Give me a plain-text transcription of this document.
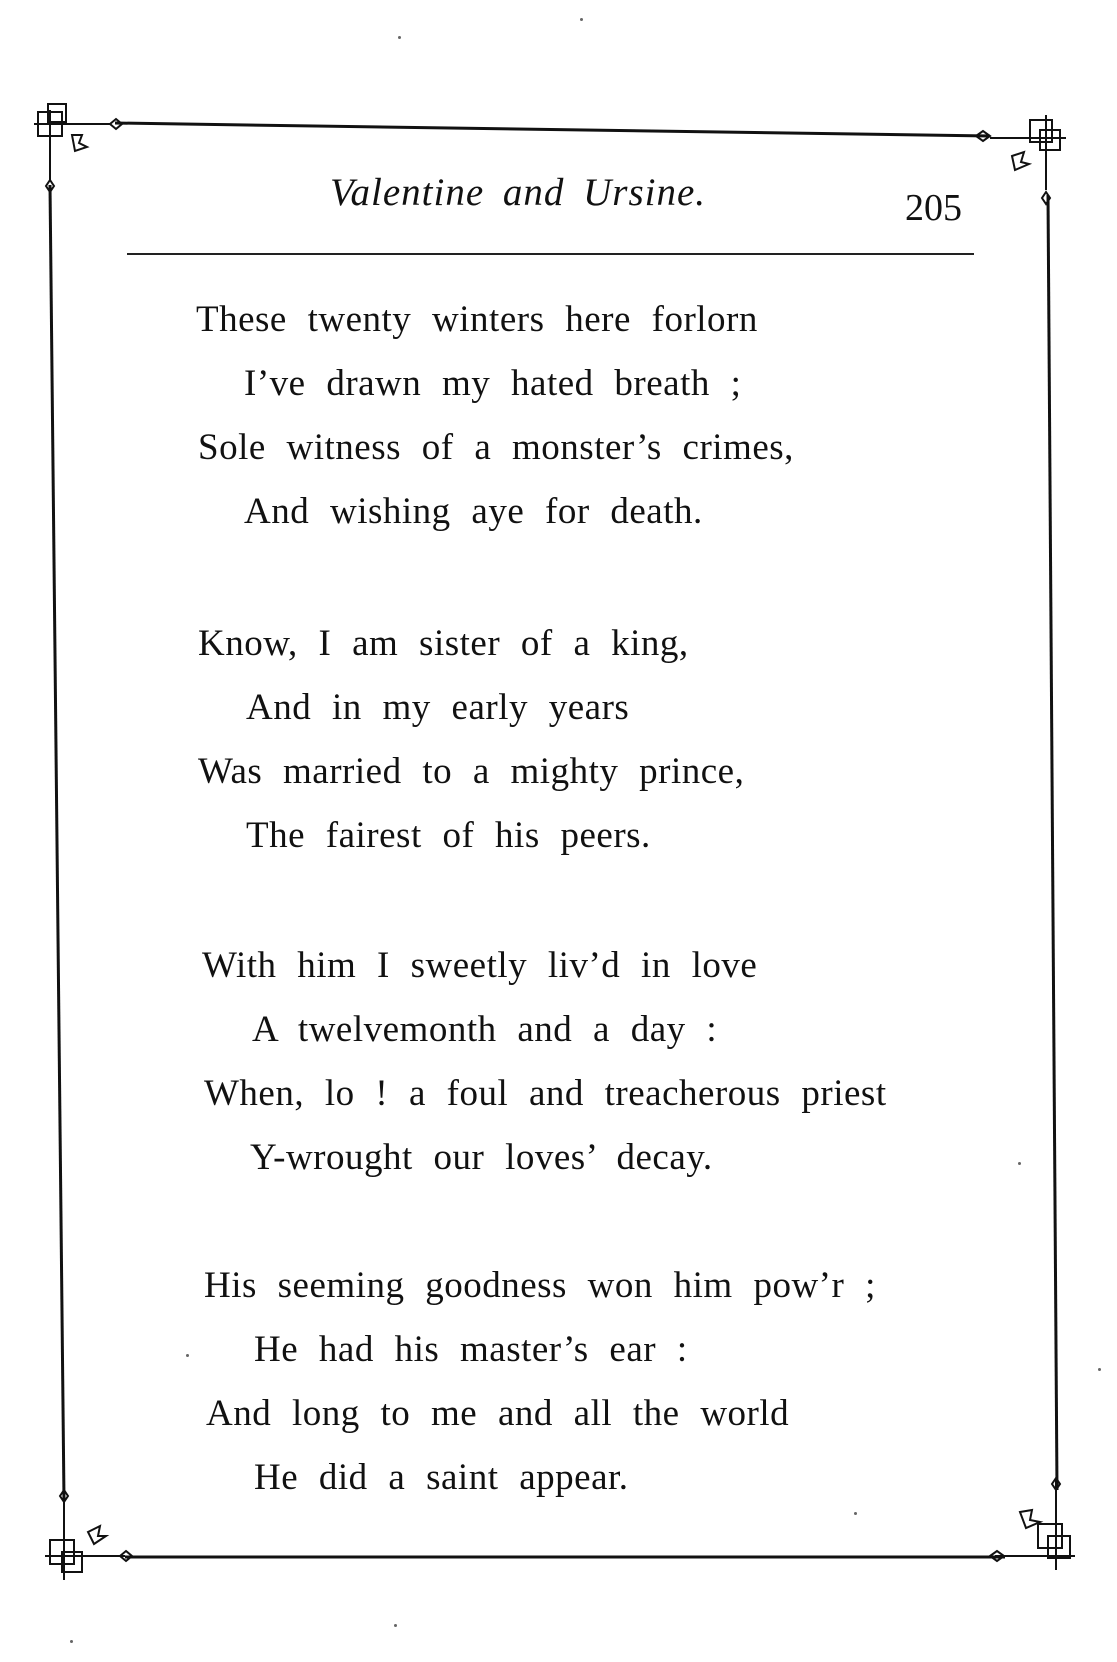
Valentine and Ursine.	205
These twenty winters here forlorn
I’ve drawn my hated breath ;
Sole witness of a monster’s crimes,
And wishing aye for death.
Know, I am sister of a king,
And in my early years
Was married to a mighty prince,
The fairest of his peers.
With him I sweetly liv’d in love
A twelvemonth and a day :
When, lo ! a foul and treacherous priest
Y-wrought our loves’ decay.
His seeming goodness won him pow’r ;
He had his master’s ear :
And long to me and all the world
He did a saint appear.
